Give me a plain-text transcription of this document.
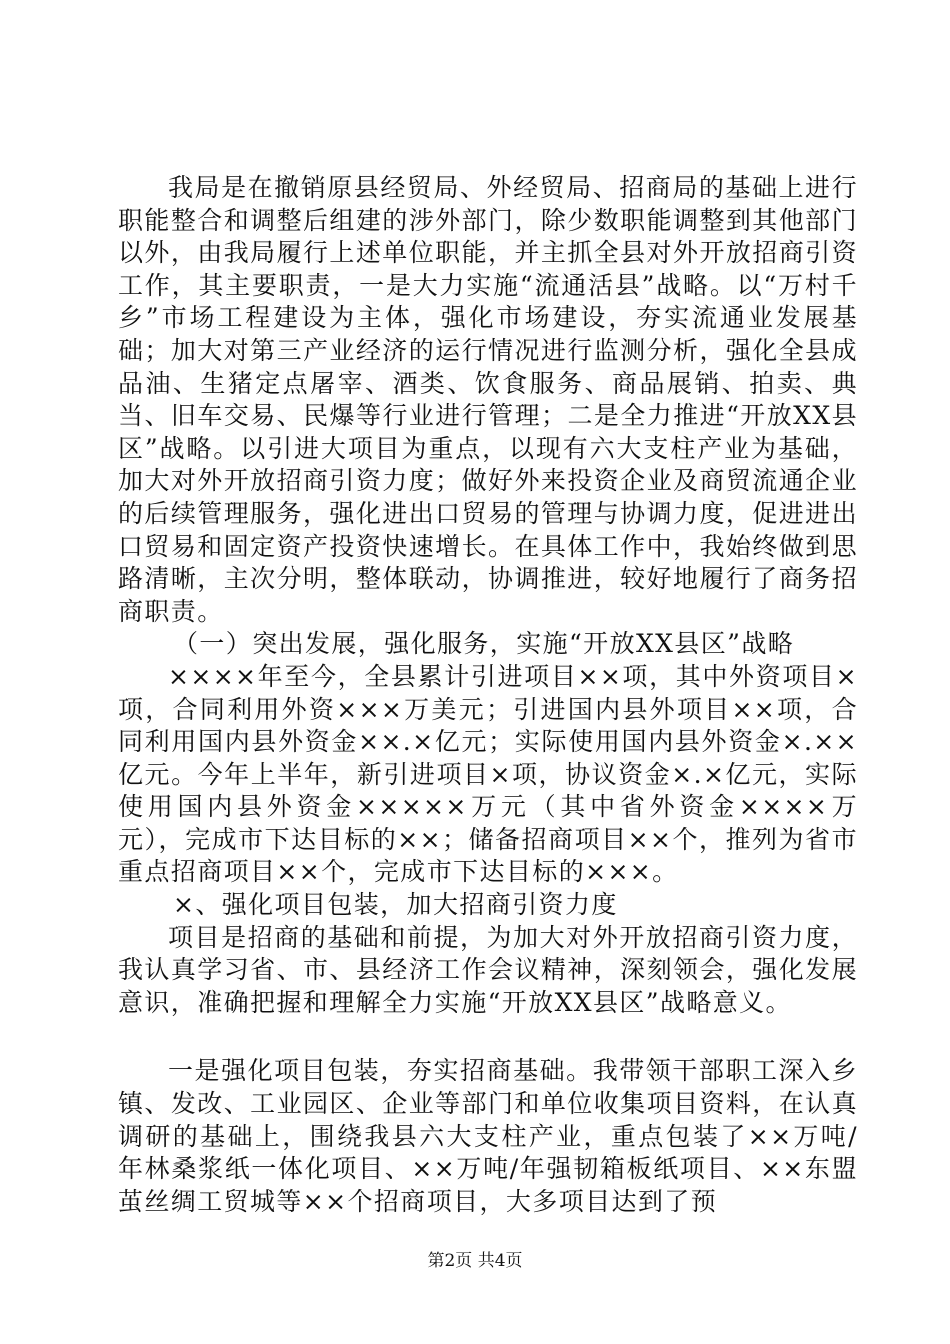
我局是在撤销原县经贸局、外经贸局、招商局的基础上进行职能整合和调整后组建的涉外部门，除少数职能调整到其他部门以外，由我局履行上述单位职能，并主抓全县对外开放招商引资工作，其主要职责，一是大力实施“流通活县”战略。以“万村千乡”市场工程建设为主体，强化市场建设，夯实流通业发展基础；加大对第三产业经济的运行情况进行监测分析，强化全县成品油、生猪定点屠宰、酒类、饮食服务、商品展销、拍卖、典当、旧车交易、民爆等行业进行管理；二是全力推进“开放XX县区”战略。以引进大项目为重点，以现有六大支柱产业为基础，加大对外开放招商引资力度；做好外来投资企业及商贸流通企业的后续管理服务，强化进出口贸易的管理与协调力度，促进进出口贸易和固定资产投资快速增长。在具体工作中，我始终做到思路清晰，主次分明，整体联动，协调推进，较好地履行了商务招商职责。

（一）突出发展，强化服务，实施“开放XX县区”战略

××××年至今，全县累计引进项目××项，其中外资项目×项，合同利用外资×××万美元；引进国内县外项目××项，合同利用国内县外资金××.×亿元；实际使用国内县外资金×.××亿元。今年上半年，新引进项目×项，协议资金×.×亿元，实际使用国内县外资金×××××万元（其中省外资金××××万元），完成市下达目标的××；储备招商项目××个，推列为省市重点招商项目××个，完成市下达目标的×××。

×、强化项目包装，加大招商引资力度

项目是招商的基础和前提，为加大对外开放招商引资力度，我认真学习省、市、县经济工作会议精神，深刻领会，强化发展意识，准确把握和理解全力实施“开放XX县区”战略意义。

一是强化项目包装，夯实招商基础。我带领干部职工深入乡镇、发改、工业园区、企业等部门和单位收集项目资料，在认真调研的基础上，围绕我县六大支柱产业，重点包装了××万吨/年林桑浆纸一体化项目、××万吨/年强韧箱板纸项目、××东盟茧丝绸工贸城等××个招商项目，大多项目达到了预

第2页 共4页
